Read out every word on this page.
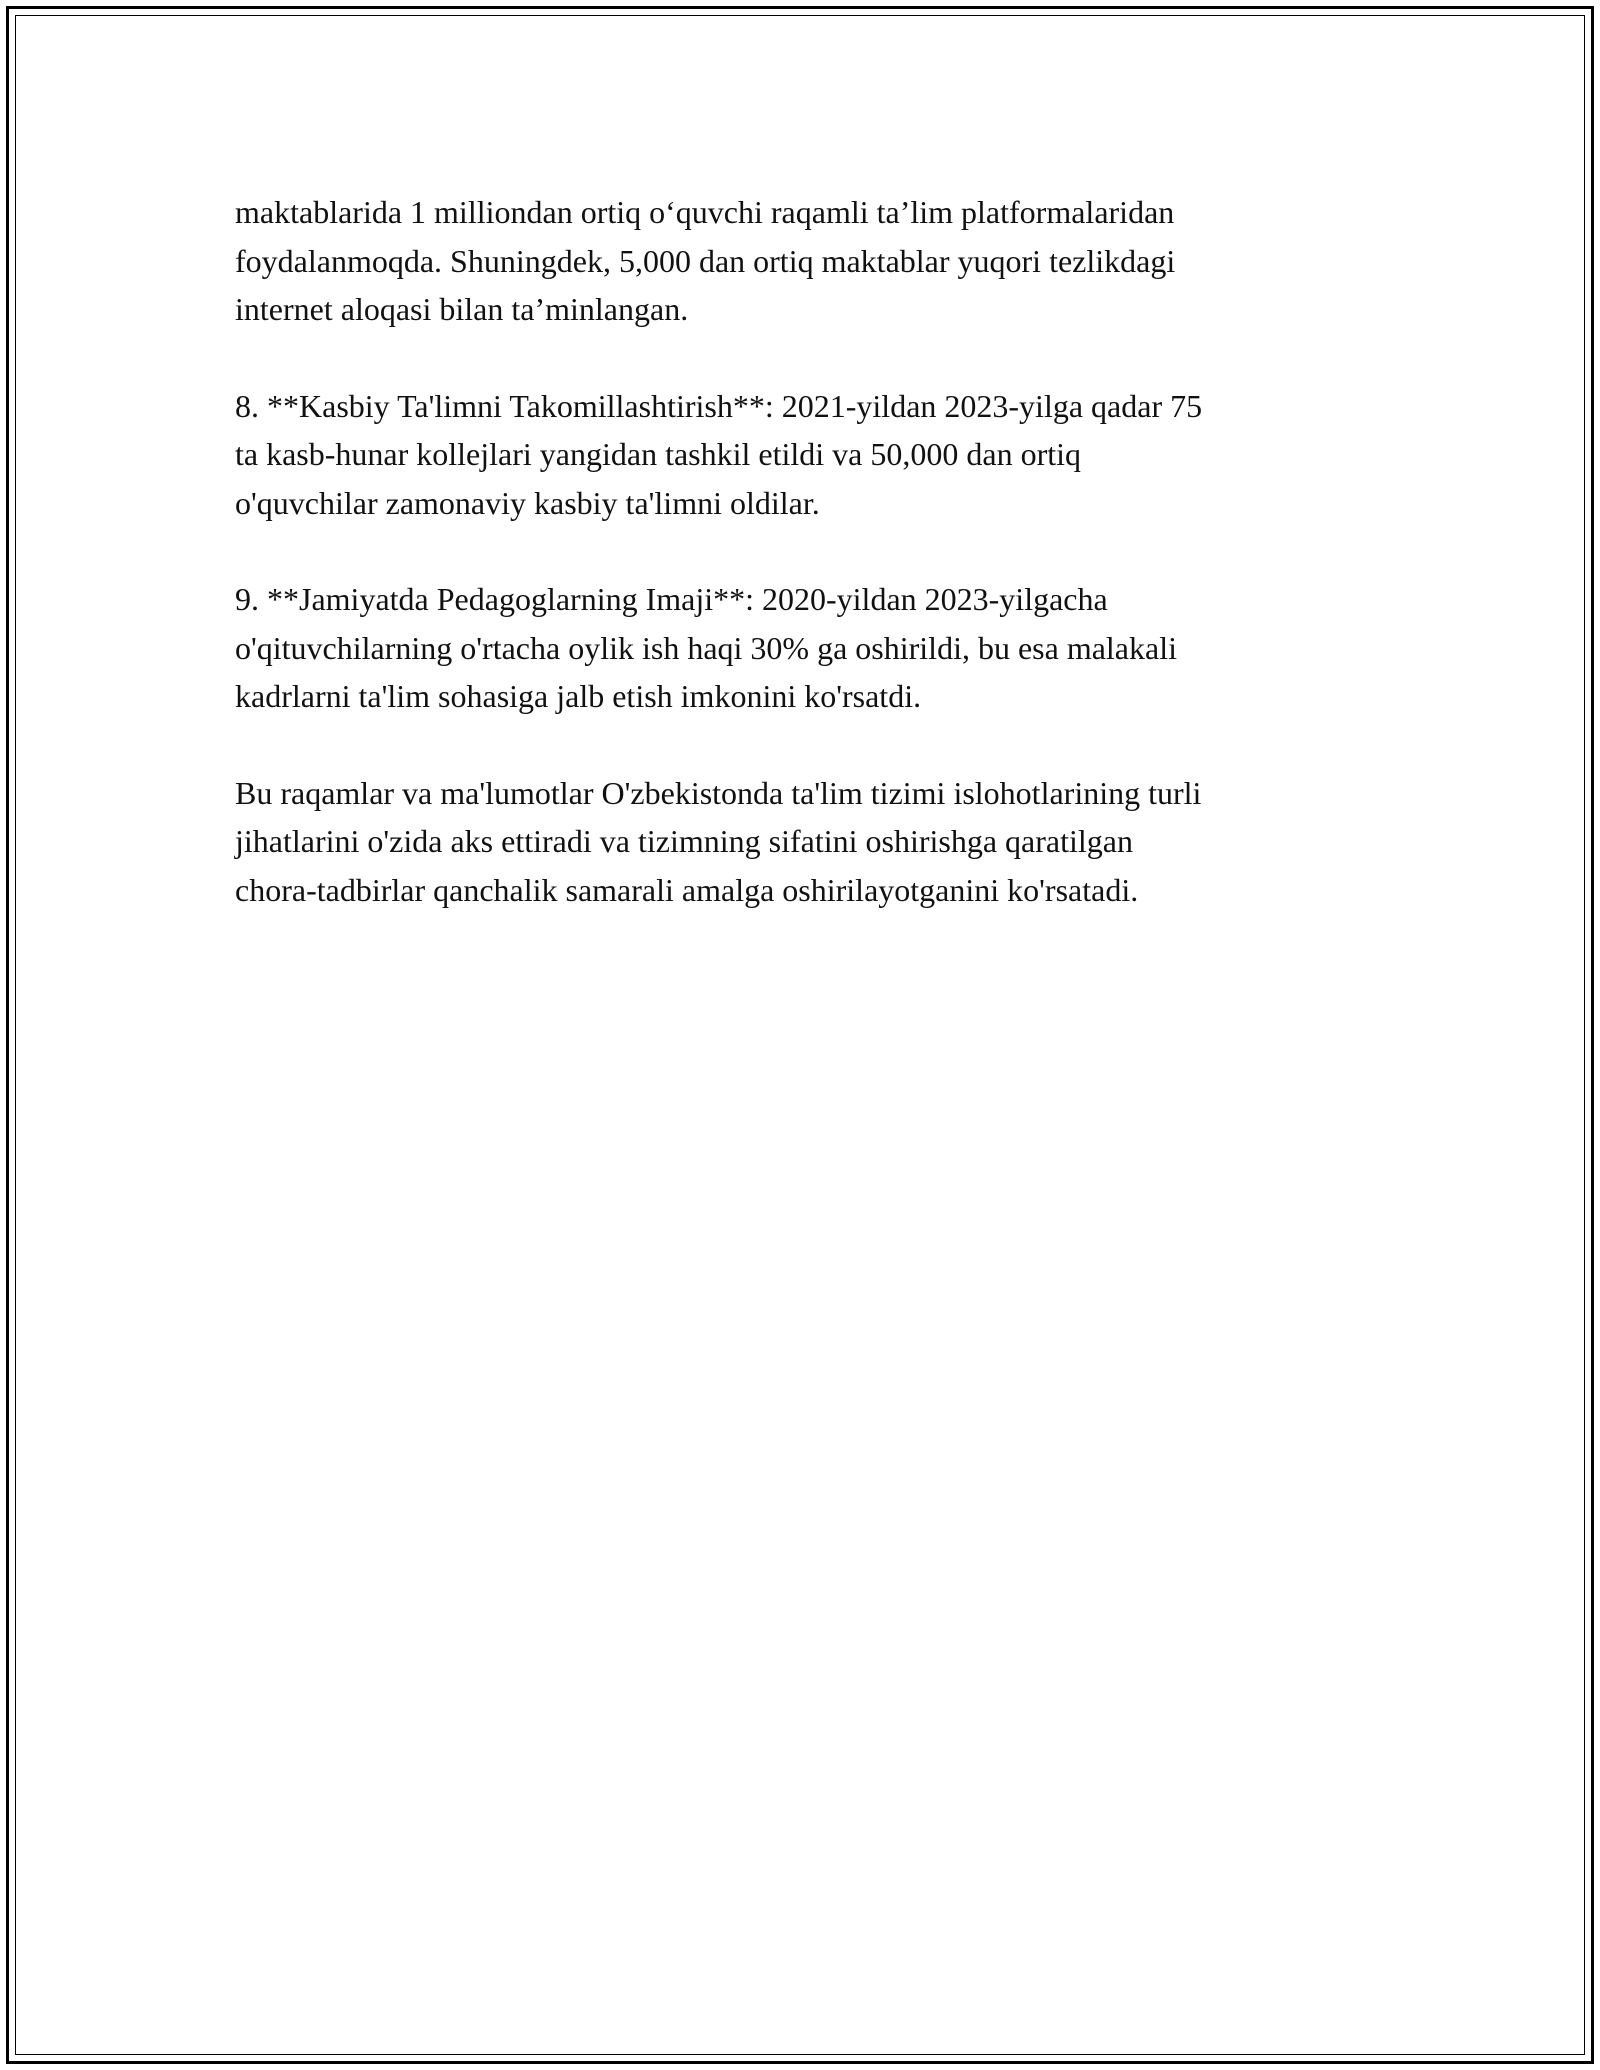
maktablarida 1 milliondan ortiq o‘quvchi raqamli ta’lim platformalaridan
foydalanmoqda. Shuningdek, 5,000 dan ortiq maktablar yuqori tezlikdagi
internet aloqasi bilan ta’minlangan.

8. **Kasbiy Ta'limni Takomillashtirish**: 2021-yildan 2023-yilga qadar 75
ta kasb-hunar kollejlari yangidan tashkil etildi va 50,000 dan ortiq
o'quvchilar zamonaviy kasbiy ta'limni oldilar.

9. **Jamiyatda Pedagoglarning Imaji**: 2020-yildan 2023-yilgacha
o'qituvchilarning o'rtacha oylik ish haqi 30% ga oshirildi, bu esa malakali
kadrlarni ta'lim sohasiga jalb etish imkonini ko'rsatdi.

Bu raqamlar va ma'lumotlar O'zbekistonda ta'lim tizimi islohotlarining turli
jihatlarini o'zida aks ettiradi va tizimning sifatini oshirishga qaratilgan
chora-tadbirlar qanchalik samarali amalga oshirilayotganini ko'rsatadi.
